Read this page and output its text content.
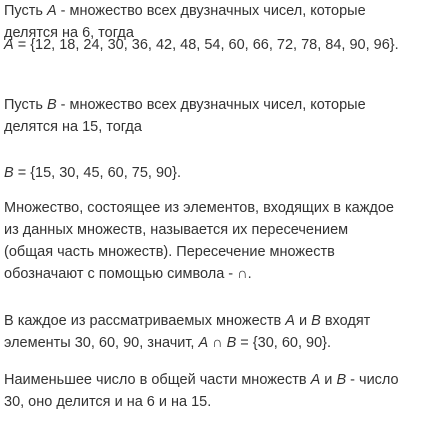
Пусть A - множество всех двузначных чисел, которые
делятся на 6, тогда

A = {12, 18, 24, 30, 36, 42, 48, 54, 60, 66, 72, 78, 84, 90, 96}.

Пусть B - множество всех двузначных чисел, которые
делятся на 15, тогда

B = {15, 30, 45, 60, 75, 90}.

Множество, состоящее из элементов, входящих в каждое
из данных множеств, называется их пересечением
(общая часть множеств). Пересечение множеств
обозначают с помощью символа - ∩.

В каждое из рассматриваемых множеств A и B входят
элементы 30, 60, 90, значит, A ∩ B = {30, 60, 90}.

Наименьшее число в общей части множеств A и B - число
30, оно делится и на 6 и на 15.
